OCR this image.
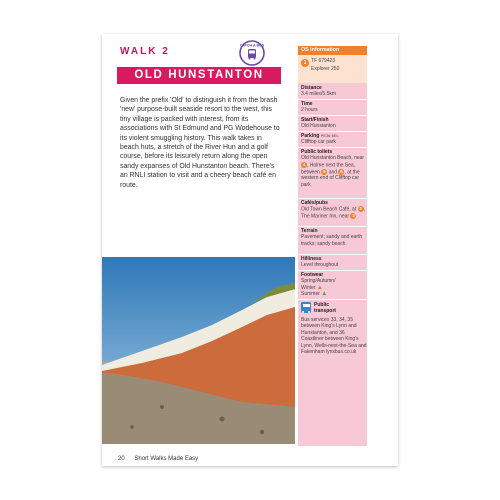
WALK 2
CATCH A BUS
OLD HUNSTANTON
Given the prefix 'Old' to distinguish it from the brash 'new' purpose-built seaside resort to the west, this tiny village is packed with interest, from its associations with St Edmund and PG Wodehouse to its violent smuggling history. This walk takes in beach huts, a stretch of the River Hun and a golf course, before its leisurely return along the open sandy expanses of Old Hunstanton beach. There's an RNLI station to visit and a cheery beach café en route.
20 Short Walks Made Easy
OS information
1 TF 679423
Explorer 250
Distance
3.4 miles/5.5km
Time
2 hours
Start/Finish
Old Hunstanton
Parking PE36 6EL
Clifftop car park
Public toilets
Old Hunstanton Beach, near 4 , Holme next the Sea, between 5 and 6 , at the western end of Clifftop car park
Cafés/pubs
Old Town Beach Café, at 2 . The Mariner Inn, near 3
Terrain
Pavement; sandy and earth tracks; sandy beach
Hilliness
Level throughout
Footwear
Spring/Autumn/
Winter ▲
Summer ▲
Public
transport
Bus services 33, 34, 35 between King's Lynn and Hunstanton, and 36 Coastliner between King's Lynn, Wells-next-the-Sea and Fakenham lynxbus.co.uk
